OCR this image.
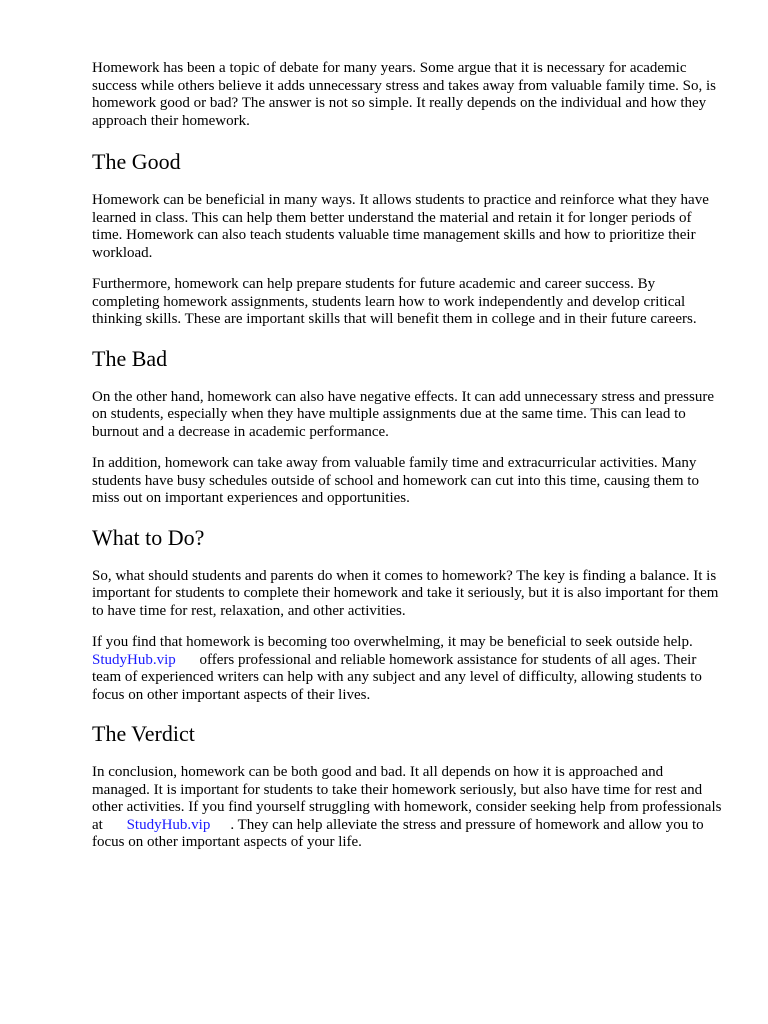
Homework has been a topic of debate for many years. Some argue that it is necessary for academic success while others believe it adds unnecessary stress and takes away from valuable family time. So, is homework good or bad? The answer is not so simple. It really depends on the individual and how they approach their homework.

The Good

Homework can be beneficial in many ways. It allows students to practice and reinforce what they have learned in class. This can help them better understand the material and retain it for longer periods of time. Homework can also teach students valuable time management skills and how to prioritize their workload.

Furthermore, homework can help prepare students for future academic and career success. By completing homework assignments, students learn how to work independently and develop critical thinking skills. These are important skills that will benefit them in college and in their future careers.

The Bad

On the other hand, homework can also have negative effects. It can add unnecessary stress and pressure on students, especially when they have multiple assignments due at the same time. This can lead to burnout and a decrease in academic performance.

In addition, homework can take away from valuable family time and extracurricular activities. Many students have busy schedules outside of school and homework can cut into this time, causing them to miss out on important experiences and opportunities.

What to Do?

So, what should students and parents do when it comes to homework? The key is finding a balance. It is important for students to complete their homework and take it seriously, but it is also important for them to have time for rest, relaxation, and other activities.

If you find that homework is becoming too overwhelming, it may be beneficial to seek outside help. StudyHub.vip offers professional and reliable homework assistance for students of all ages. Their team of experienced writers can help with any subject and any level of difficulty, allowing students to focus on other important aspects of their lives.

The Verdict

In conclusion, homework can be both good and bad. It all depends on how it is approached and managed. It is important for students to take their homework seriously, but also have time for rest and other activities. If you find yourself struggling with homework, consider seeking help from professionals at StudyHub.vip . They can help alleviate the stress and pressure of homework and allow you to focus on other important aspects of your life.
